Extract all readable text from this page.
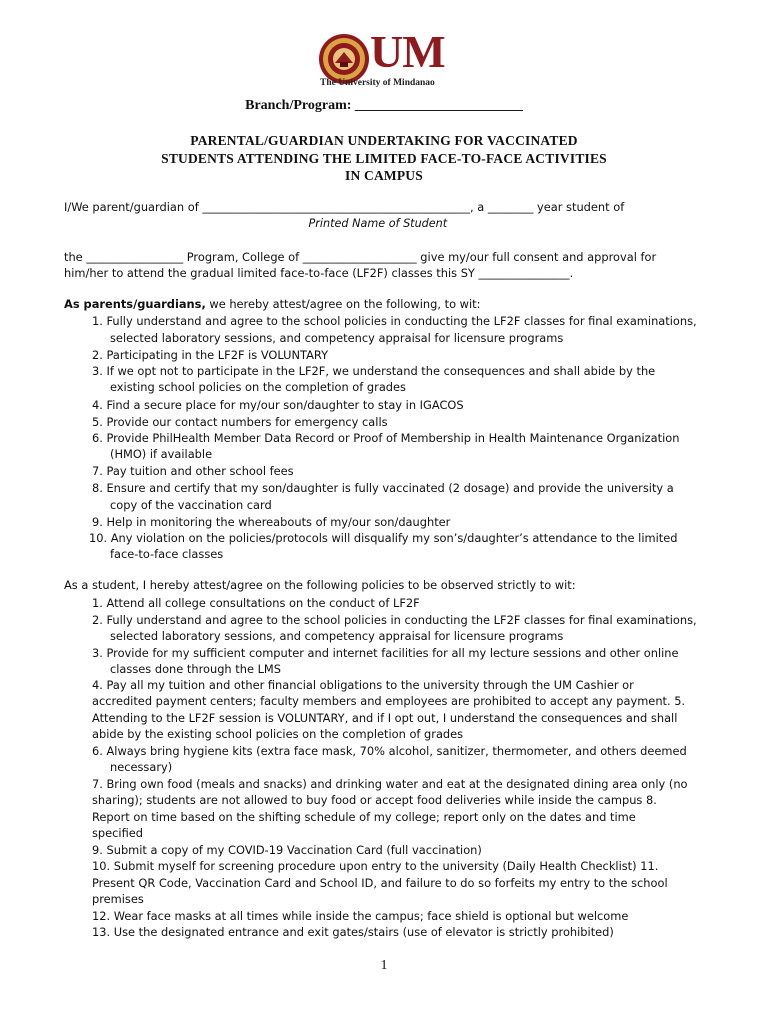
UM
The University of Mindanao
Branch/Program: ________________________
PARENTAL/GUARDIAN UNDERTAKING FOR VACCINATED
STUDENTS ATTENDING THE LIMITED FACE-TO-FACE ACTIVITIES
IN CAMPUS
I/We parent/guardian of _______________________________________________, a ________ year student of
Printed Name of Student
the _________________ Program, College of ____________________ give my/our full consent and approval for
him/her to attend the gradual limited face-to-face (LF2F) classes this SY ________________.
As parents/guardians, we hereby attest/agree on the following, to wit:
1. Fully understand and agree to the school policies in conducting the LF2F classes for final examinations,
selected laboratory sessions, and competency appraisal for licensure programs
2. Participating in the LF2F is VOLUNTARY
3. If we opt not to participate in the LF2F, we understand the consequences and shall abide by the
existing school policies on the completion of grades
4. Find a secure place for my/our son/daughter to stay in IGACOS
5. Provide our contact numbers for emergency calls
6. Provide PhilHealth Member Data Record or Proof of Membership in Health Maintenance Organization
(HMO) if available
7. Pay tuition and other school fees
8. Ensure and certify that my son/daughter is fully vaccinated (2 dosage) and provide the university a
copy of the vaccination card
9. Help in monitoring the whereabouts of my/our son/daughter
10. Any violation on the policies/protocols will disqualify my son’s/daughter’s attendance to the limited
face-to-face classes
As a student, I hereby attest/agree on the following policies to be observed strictly to wit:
1. Attend all college consultations on the conduct of LF2F
2. Fully understand and agree to the school policies in conducting the LF2F classes for final examinations,
selected laboratory sessions, and competency appraisal for licensure programs
3. Provide for my sufficient computer and internet facilities for all my lecture sessions and other online
classes done through the LMS
4. Pay all my tuition and other financial obligations to the university through the UM Cashier or
accredited payment centers; faculty members and employees are prohibited to accept any payment. 5.
Attending to the LF2F session is VOLUNTARY, and if I opt out, I understand the consequences and shall
abide by the existing school policies on the completion of grades
6. Always bring hygiene kits (extra face mask, 70% alcohol, sanitizer, thermometer, and others deemed
necessary)
7. Bring own food (meals and snacks) and drinking water and eat at the designated dining area only (no
sharing); students are not allowed to buy food or accept food deliveries while inside the campus 8.
Report on time based on the shifting schedule of my college; report only on the dates and time
specified
9. Submit a copy of my COVID-19 Vaccination Card (full vaccination)
10. Submit myself for screening procedure upon entry to the university (Daily Health Checklist) 11.
Present QR Code, Vaccination Card and School ID, and failure to do so forfeits my entry to the school
premises
12. Wear face masks at all times while inside the campus; face shield is optional but welcome
13. Use the designated entrance and exit gates/stairs (use of elevator is strictly prohibited)
1
